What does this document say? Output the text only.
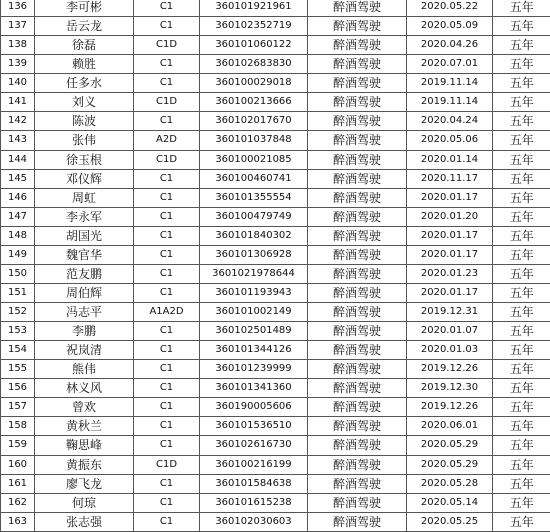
136	李可彬	C1	360101921961	醉酒驾驶	2020.05.22	五年
137	岳云龙	C1	360102352719	醉酒驾驶	2020.05.09	五年
138	徐磊	C1D	360101060122	醉酒驾驶	2020.04.26	五年
139	赖胜	C1	360102683830	醉酒驾驶	2020.07.01	五年
140	任多水	C1	360100029018	醉酒驾驶	2019.11.14	五年
141	刘义	C1D	360100213666	醉酒驾驶	2019.11.14	五年
142	陈波	C1	360102017670	醉酒驾驶	2020.04.24	五年
143	张伟	A2D	360101037848	醉酒驾驶	2020.05.06	五年
144	徐玉根	C1D	360100021085	醉酒驾驶	2020.01.14	五年
145	邓仪辉	C1	360100460741	醉酒驾驶	2020.11.17	五年
146	周虹	C1	360101355554	醉酒驾驶	2020.01.17	五年
147	李永军	C1	360100479749	醉酒驾驶	2020.01.20	五年
148	胡国光	C1	360101840302	醉酒驾驶	2020.01.17	五年
149	魏官华	C1	360101306928	醉酒驾驶	2020.01.17	五年
150	范友鹏	C1	3601021978644	醉酒驾驶	2020.01.23	五年
151	周伯辉	C1	360101193943	醉酒驾驶	2020.01.17	五年
152	冯志平	A1A2D	360101002149	醉酒驾驶	2019.12.31	五年
153	李鹏	C1	360102501489	醉酒驾驶	2020.01.07	五年
154	祝岚清	C1	360101344126	醉酒驾驶	2020.01.03	五年
155	熊伟	C1	360101239999	醉酒驾驶	2019.12.26	五年
156	林义风	C1	360101341360	醉酒驾驶	2019.12.30	五年
157	曾欢	C1	360190005606	醉酒驾驶	2019.12.26	五年
158	黄秋兰	C1	360101536510	醉酒驾驶	2020.06.01	五年
159	鞠思峰	C1	360102616730	醉酒驾驶	2020.05.29	五年
160	黄振东	C1D	360100216199	醉酒驾驶	2020.05.29	五年
161	廖飞龙	C1	360101584638	醉酒驾驶	2020.05.28	五年
162	何琼	C1	360101615238	醉酒驾驶	2020.05.14	五年
163	张志强	C1	360102030603	醉酒驾驶	2020.05.25	五年
